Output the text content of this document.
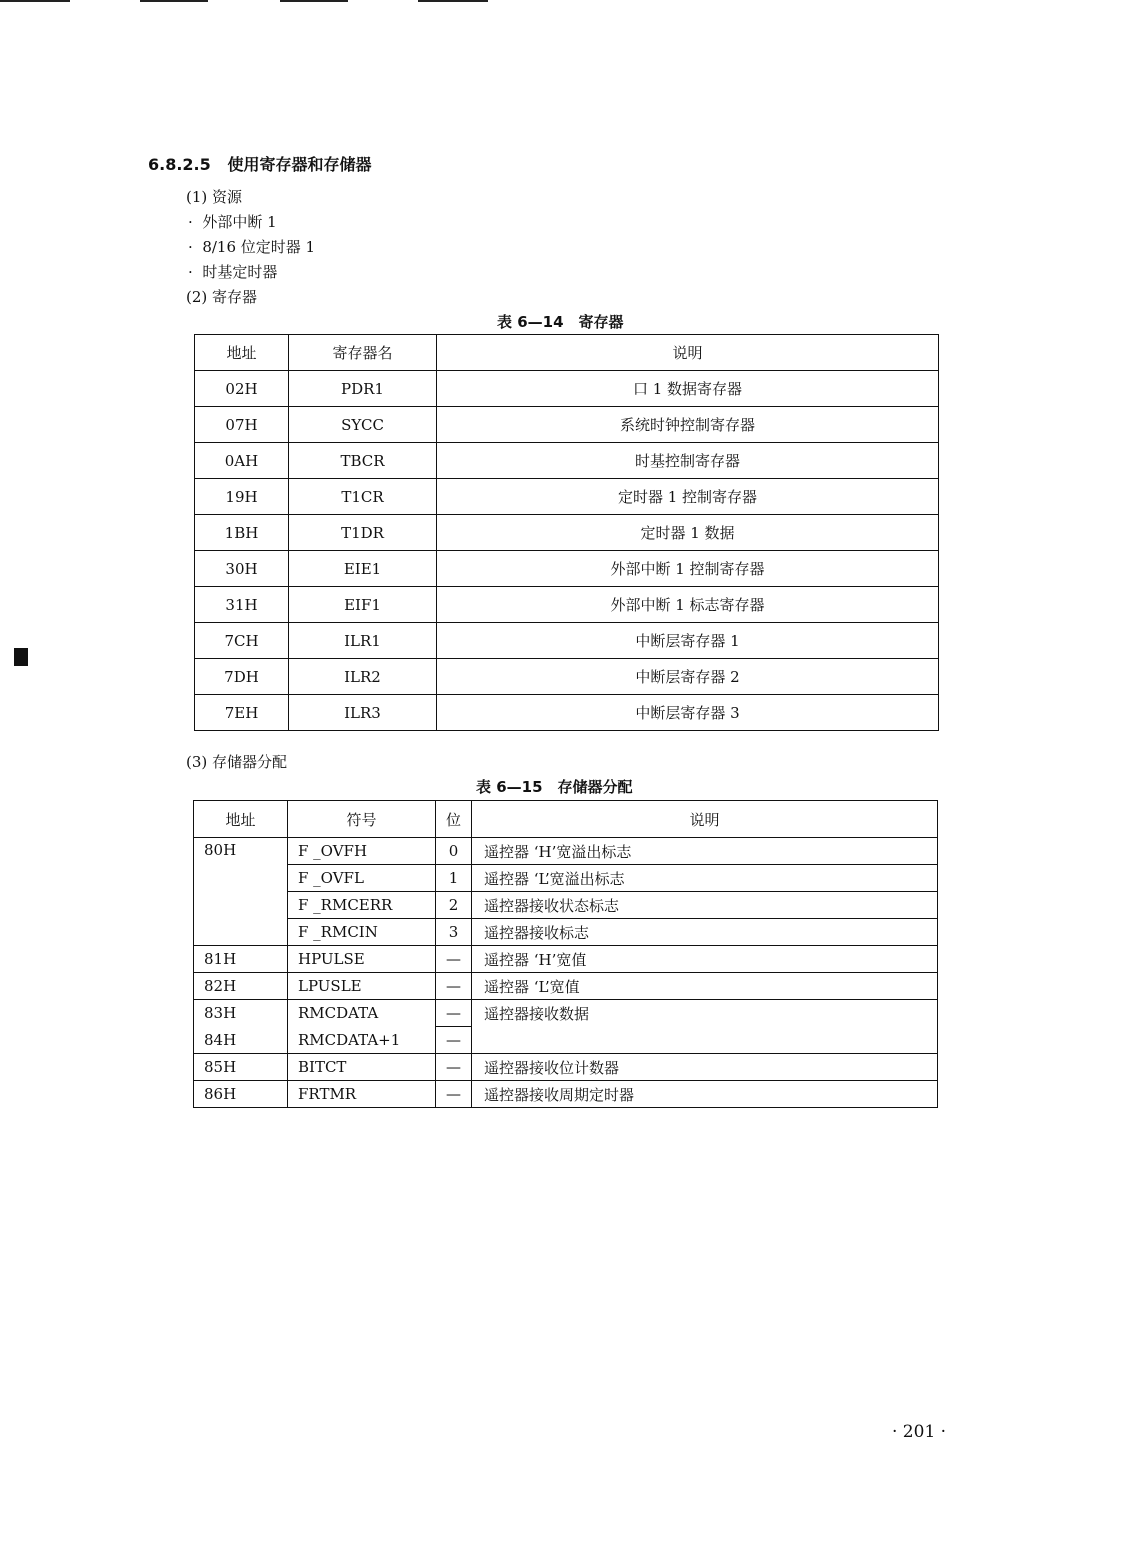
6.8.2.5 使用寄存器和存储器
(1) 资源
·  外部中断 1
·  8/16 位定时器 1
·  时基定时器
(2) 寄存器
表 6—14　寄存器
地址	寄存器名	说明
02H	PDR1	口 1 数据寄存器
07H	SYCC	系统时钟控制寄存器
0AH	TBCR	时基控制寄存器
19H	T1CR	定时器 1 控制寄存器
1BH	T1DR	定时器 1 数据
30H	EIE1	外部中断 1 控制寄存器
31H	EIF1	外部中断 1 标志寄存器
7CH	ILR1	中断层寄存器 1
7DH	ILR2	中断层寄存器 2
7EH	ILR3	中断层寄存器 3
(3) 存储器分配
表 6—15　存储器分配
地址	符号	位	说明
80H	F _OVFH	0	遥控器 ‘H’宽溢出标志
	F _OVFL	1	遥控器 ‘L’宽溢出标志
	F _RMCERR	2	遥控器接收状态标志
	F _RMCIN	3	遥控器接收标志
81H	HPULSE	—	遥控器 ‘H’宽值
82H	LPUSLE	—	遥控器 ‘L’宽值
83H	RMCDATA	—	遥控器接收数据
84H	RMCDATA+1	—	
85H	BITCT	—	遥控器接收位计数器
86H	FRTMR	—	遥控器接收周期定时器
· 201 ·
